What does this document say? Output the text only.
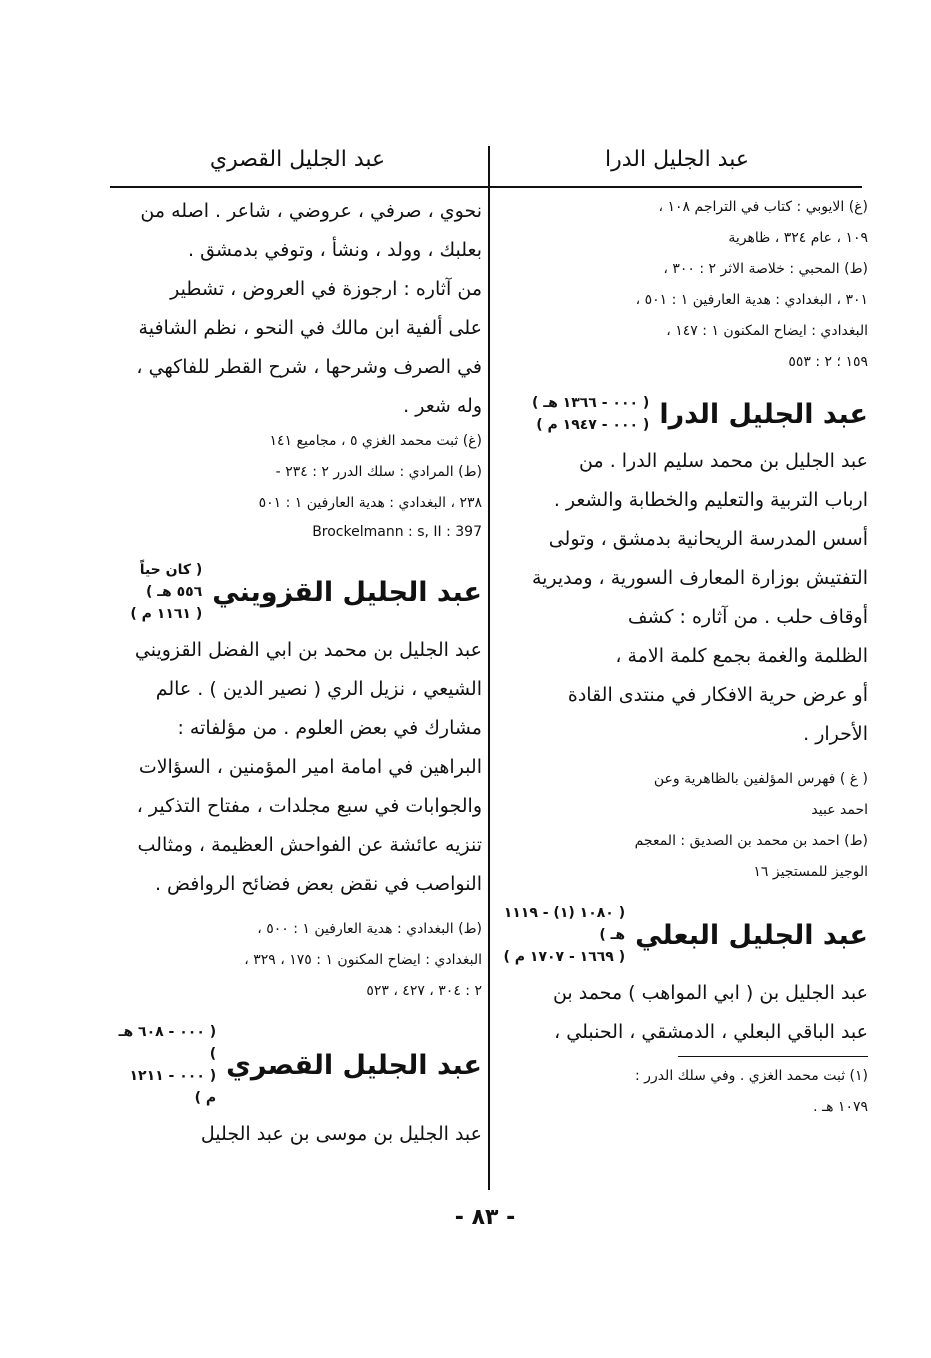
عبد الجليل الدرا
عبد الجليل القصري
(غ) الايوبي : كتاب في التراجم ١٠٨ ،
١٠٩ ، عام ٣٢٤ ، ظاهرية
(ط) المحبي : خلاصة الاثر ٢ : ٣٠٠ ،
٣٠١ ، البغدادي : هدية العارفين ١ : ٥٠١ ،
البغدادي : ايضاح المكنون ١ : ١٤٧ ،
١٥٩ ؛ ٢ : ٥٥٣
عبد الجليل الدرا
( ٠٠٠ - ١٣٦٦ هـ )
( ٠٠٠ - ١٩٤٧ م )
عبد الجليل بن محمد سليم الدرا . من
ارباب التربية والتعليم والخطابة والشعر .
أسس المدرسة الريحانية بدمشق ، وتولى
التفتيش بوزارة المعارف السورية ، ومديرية
أوقاف حلب . من آثاره : كشف
الظلمة والغمة بجمع كلمة الامة ،
أو عرض حرية الافكار في منتدى القادة
الأحرار .
( غ ) فهرس المؤلفين بالظاهرية وعن
احمد عبيد
(ط) احمد بن محمد بن الصديق : المعجم
الوجيز للمستجيز ١٦
عبد الجليل البعلي
( ١٠٨٠ (١) - ١١١٩ هـ )
( ١٦٦٩ - ١٧٠٧ م )
عبد الجليل بن ( ابي المواهب ) محمد بن
عبد الباقي البعلي ، الدمشقي ، الحنبلي ،
(١) ثبت محمد الغزي . وفي سلك الدرر :
١٠٧٩ هـ .
نحوي ، صرفي ، عروضي ، شاعر . اصله من
بعلبك ، وولد ، ونشأ ، وتوفي بدمشق .
من آثاره : ارجوزة في العروض ، تشطير
على ألفية ابن مالك في النحو ، نظم الشافية
في الصرف وشرحها ، شرح القطر للفاكهي ،
وله شعر .
(غ) ثبت محمد الغزي ٥ ، مجاميع ١٤١
(ط) المرادي : سلك الدرر ٢ : ٢٣٤ -
٢٣٨ ، البغدادي : هدية العارفين ١ : ٥٠١
Brockelmann : s, II : 397
عبد الجليل القزويني
( كان حياً ٥٥٦ هـ )
( ١١٦١ م )
عبد الجليل بن محمد بن ابي الفضل القزويني
الشيعي ، نزيل الري ( نصير الدين ) . عالم
مشارك في بعض العلوم . من مؤلفاته :
البراهين في امامة امير المؤمنين ، السؤالات
والجوابات في سبع مجلدات ، مفتاح التذكير ،
تنزيه عائشة عن الفواحش العظيمة ، ومثالب
النواصب في نقض بعض فضائح الروافض .
(ط) البغدادي : هدية العارفين ١ : ٥٠٠ ،
البغدادي : ايضاح المكنون ١ : ١٧٥ ، ٣٢٩ ،
٢ : ٣٠٤ ، ٤٢٧ ، ٥٢٣
عبد الجليل القصري
( ٠٠٠ - ٦٠٨ هـ )
( ٠٠٠ - ١٢١١ م )
عبد الجليل بن موسى بن عبد الجليل
- ٨٣ -
